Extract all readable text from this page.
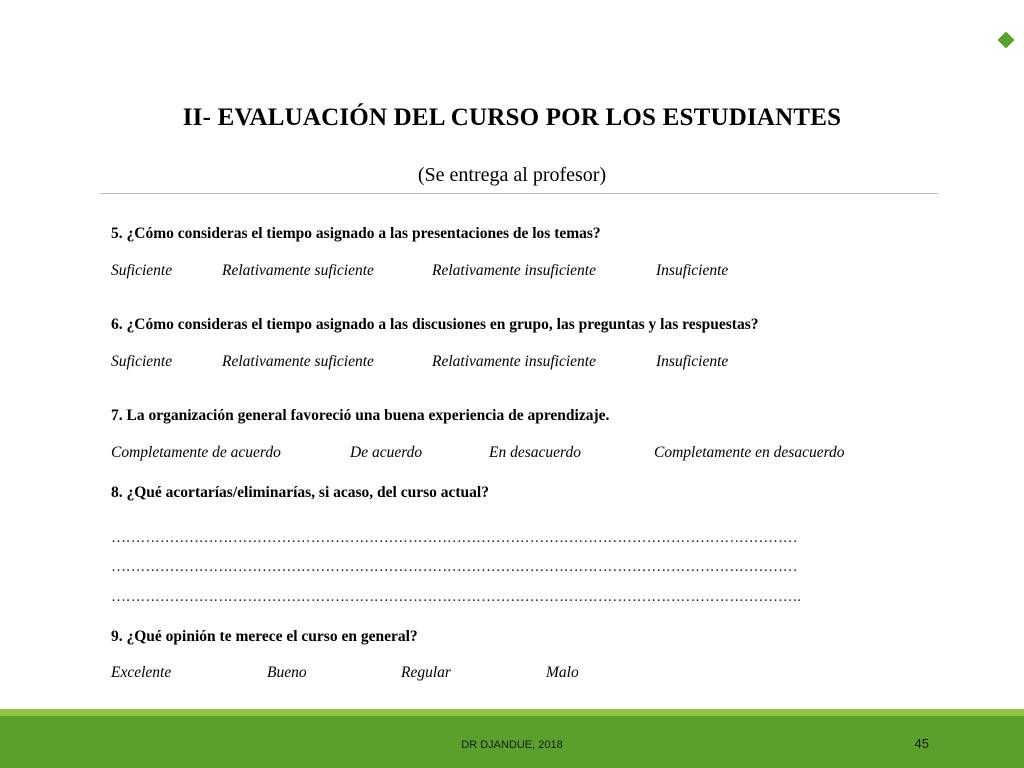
II- EVALUACIÓN DEL CURSO POR LOS ESTUDIANTES
(Se entrega al profesor)
5. ¿Cómo consideras el tiempo asignado a las presentaciones de los temas?
Suficiente	Relativamente suficiente	Relativamente insuficiente	Insuficiente
6. ¿Cómo consideras el tiempo asignado a las discusiones en grupo, las preguntas y las respuestas?
Suficiente	Relativamente suficiente	Relativamente insuficiente	Insuficiente
7. La organización general favoreció una buena experiencia de aprendizaje.
Completamente de acuerdo	De acuerdo	En desacuerdo	Completamente en desacuerdo
8. ¿Qué acortarías/eliminarías, si acaso, del curso actual?
……………………………………………………………………………………………………………………………
……………………………………………………………………………………………………………………………
…………………………………………………………………………………………………………………………….
9. ¿Qué opinión te merece el curso en general?
Excelente	Bueno	Regular	Malo
DR DJANDUE, 2018	45
